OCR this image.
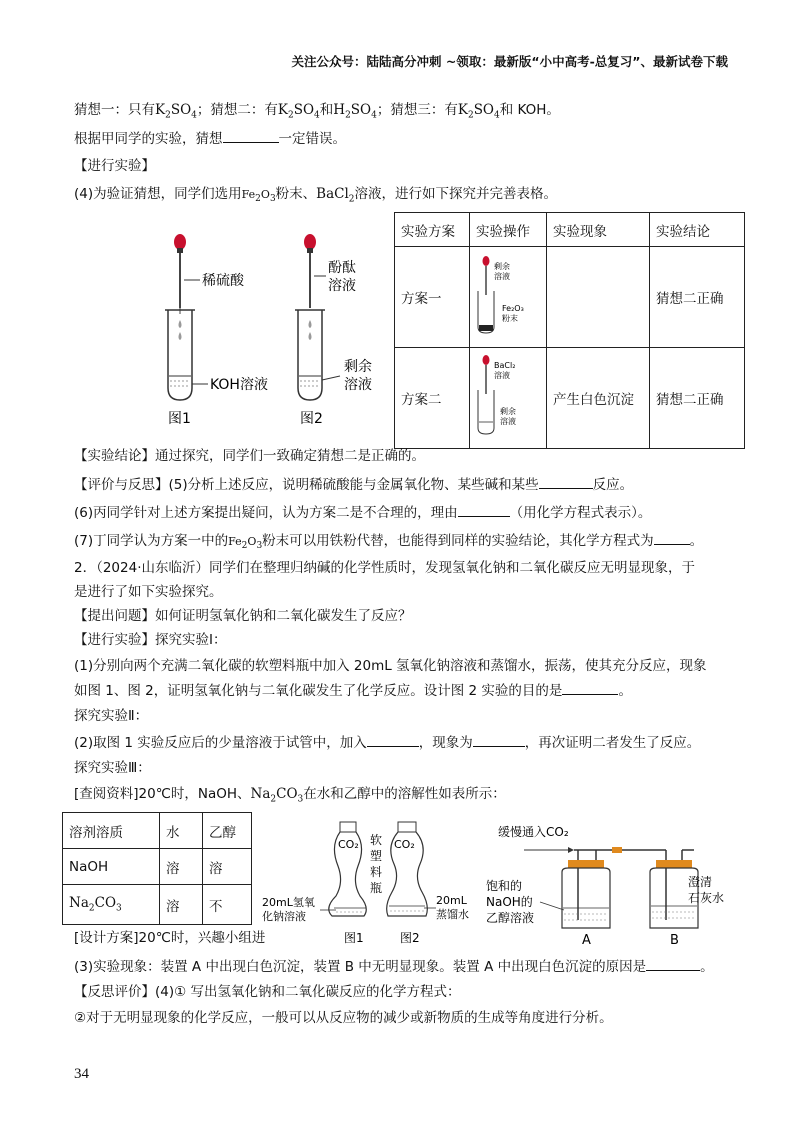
关注公众号：陆陆高分冲刺 ~领取：最新版“小中高考-总复习”、最新试卷下载
猜想一：只有$K_2SO_4$；猜想二：有$K_2SO_4$和$H_2SO_4$；猜想三：有$K_2SO_4$和 KOH。
根据甲同学的实验，猜想	一定错误。
【进行实验】
(4)为验证猜想，同学们选用$Fe_2O_3$粉末、BaCl$_2$溶液，进行如下探究并完善表格。
稀硫酸
KOH溶液
图1
酚酞
溶液
剩余
溶液
图2
实验方案	实验操作	实验现象	实验结论
方案一	剩余
溶液
Fe₂O₃
粉末		猜想二正确
方案二	BaCl₂
溶液
剩余
溶液	产生白色沉淀	猜想二正确
【实验结论】通过探究，同学们一致确定猜想二是正确的。
【评价与反思】(5)分析上述反应，说明稀硫酸能与金属氧化物、某些碱和某些	反应。
(6)丙同学针对上述方案提出疑问，认为方案二是不合理的，理由	（用化学方程式表示）。
(7)丁同学认为方案一中的$Fe_2O_3$粉末可以用铁粉代替，也能得到同样的实验结论，其化学方程式为	。
2．（2024·山东临沂）同学们在整理归纳碱的化学性质时，发现氢氧化钠和二氧化碳反应无明显现象，于
是进行了如下实验探究。
【提出问题】如何证明氢氧化钠和二氧化碳发生了反应？
【进行实验】探究实验Ⅰ：
(1)分别向两个充满二氧化碳的软塑料瓶中加入 20mL 氢氧化钠溶液和蒸馏水，振荡，使其充分反应，现象
如图 1、图 2，证明氢氧化钠与二氧化碳发生了化学反应。设计图 2 实验的目的是	。
探究实验Ⅱ：
(2)取图 1 实验反应后的少量溶液于试管中，加入	，现象为	，再次证明二者发生了反应。
探究实验Ⅲ：
[查阅资料]20℃时，NaOH、$Na_2CO_3$在水和乙醇中的溶解性如表所示：
溶剂溶质	水	乙醇
NaOH	溶	溶
$Na_2CO_3$	溶	不
[设计方案]20℃时，兴趣小组进
CO₂ 软
塑
料
瓶
CO₂
20mL氢氧
化钠溶液
20mL
蒸馏水
图1	图2
缓慢通入CO₂
饱和的
NaOH的
乙醇溶液
澄清
石灰水
A	B
(3)实验现象：装置 A 中出现白色沉淀，装置 B 中无明显现象。装置 A 中出现白色沉淀的原因是	。
【反思评价】(4)① 写出氢氧化钠和二氧化碳反应的化学方程式：
②对于无明显现象的化学反应，一般可以从反应物的减少或新物质的生成等角度进行分析。
34
